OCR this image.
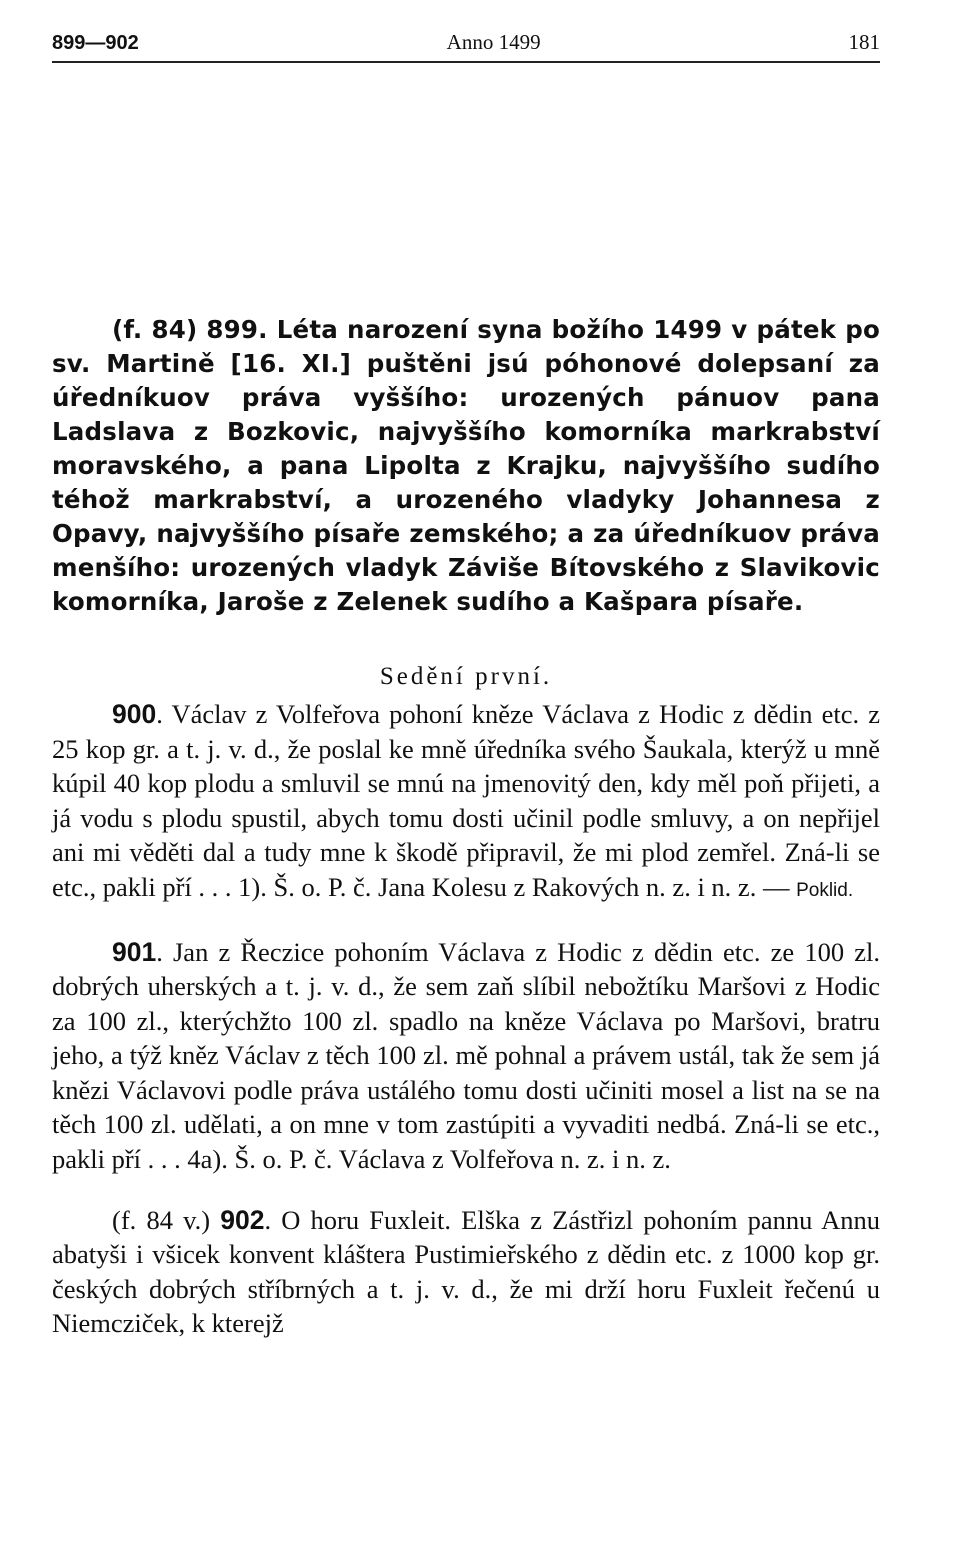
899—902	Anno 1499	181

(f. 84) 899. Léta narození syna božího 1499 v pátek po sv. Martině [16. XI.] puštěni jsú póhonové dolepsaní za úředníkuov práva vyššího: urozených pánuov pana Ladslava z Bozkovic, najvyššího komorníka markrabství moravského, a pana Lipolta z Krajku, najvyššího sudího téhož markrabství, a urozeného vladyky Johannesa z Opavy, najvyššího písaře zemského; a za úředníkuov práva menšího: urozených vladyk Záviše Bítovského z Slavikovic komorníka, Jaroše z Zelenek sudího a Kašpara písaře.

Sedění první.

900. Václav z Volfeřova pohoní kněze Václava z Hodic z dědin etc. z 25 kop gr. a t. j. v. d., že poslal ke mně úředníka svého Šaukala, kterýž u mně kúpil 40 kop plodu a smluvil se mnú na jmenovitý den, kdy měl poň přijeti, a já vodu s plodu spustil, abych tomu dosti učinil podle smluvy, a on nepřijel ani mi věděti dal a tudy mne k škodě připravil, že mi plod zemřel. Zná-li se etc., pakli pří . . . 1). Š. o. P. č. Jana Kolesu z Rakových n. z. i n. z. — Poklid.

901. Jan z Řeczice pohoním Václava z Hodic z dědin etc. ze 100 zl. dobrých uherských a t. j. v. d., že sem zaň slíbil nebožtíku Maršovi z Hodic za 100 zl., kterýchžto 100 zl. spadlo na kněze Václava po Maršovi, bratru jeho, a týž kněz Václav z těch 100 zl. mě pohnal a právem ustál, tak že sem já knězi Václavovi podle práva ustálého tomu dosti učiniti mosel a list na se na těch 100 zl. udělati, a on mne v tom zastúpiti a vyvaditi nedbá. Zná-li se etc., pakli pří . . . 4a). Š. o. P. č. Václava z Volfeřova n. z. i n. z.

(f. 84 v.) 902. O horu Fuxleit. Elška z Zástřizl pohoním pannu Annu abatyši i všicek konvent kláštera Pustimieřského z dědin etc. z 1000 kop gr. českých dobrých stříbrných a t. j. v. d., že mi drží horu Fuxleit řečenú u Niemcziček, k kterejž
